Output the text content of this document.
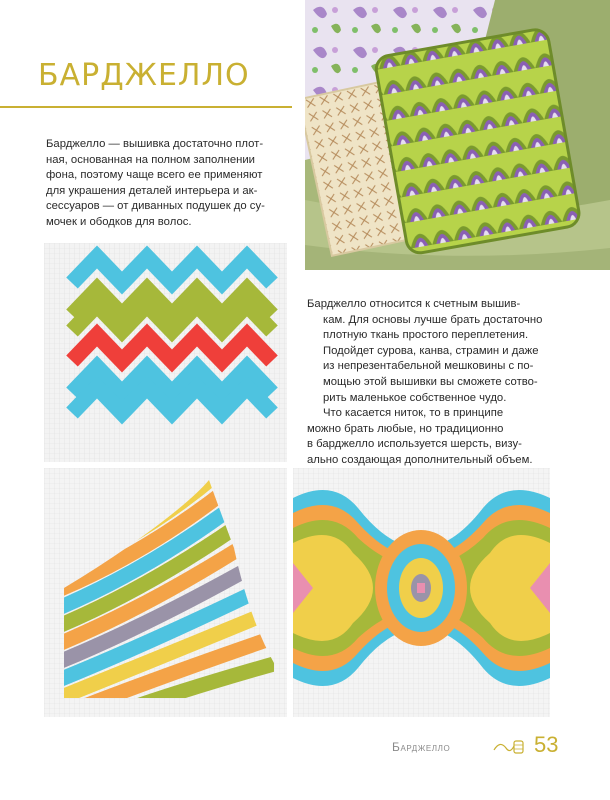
БАРДЖЕЛЛО

Барджелло — вышивка достаточно плот-

ная, основанная на полном заполнении

фона, поэтому чаще всего ее применяют

для украшения деталей интерьера и ак-

сессуаров — от диванных подушек до су-

мочек и ободков для волос.

Барджелло относится к счетным вышив-

кам. Для основы лучше брать достаточно

плотную ткань простого переплетения.

Подойдет сурова, канва, страмин и даже

из непрезентабельной мешковины с по-

мощью этой вышивки вы сможете сотво-

рить маленькое собственное чудо.

Что касается ниток, то в принципе

можно брать любые, но традиционно

в барджелло используется шерсть, визу-

ально создающая дополнительный объем.

Барджелло	53
